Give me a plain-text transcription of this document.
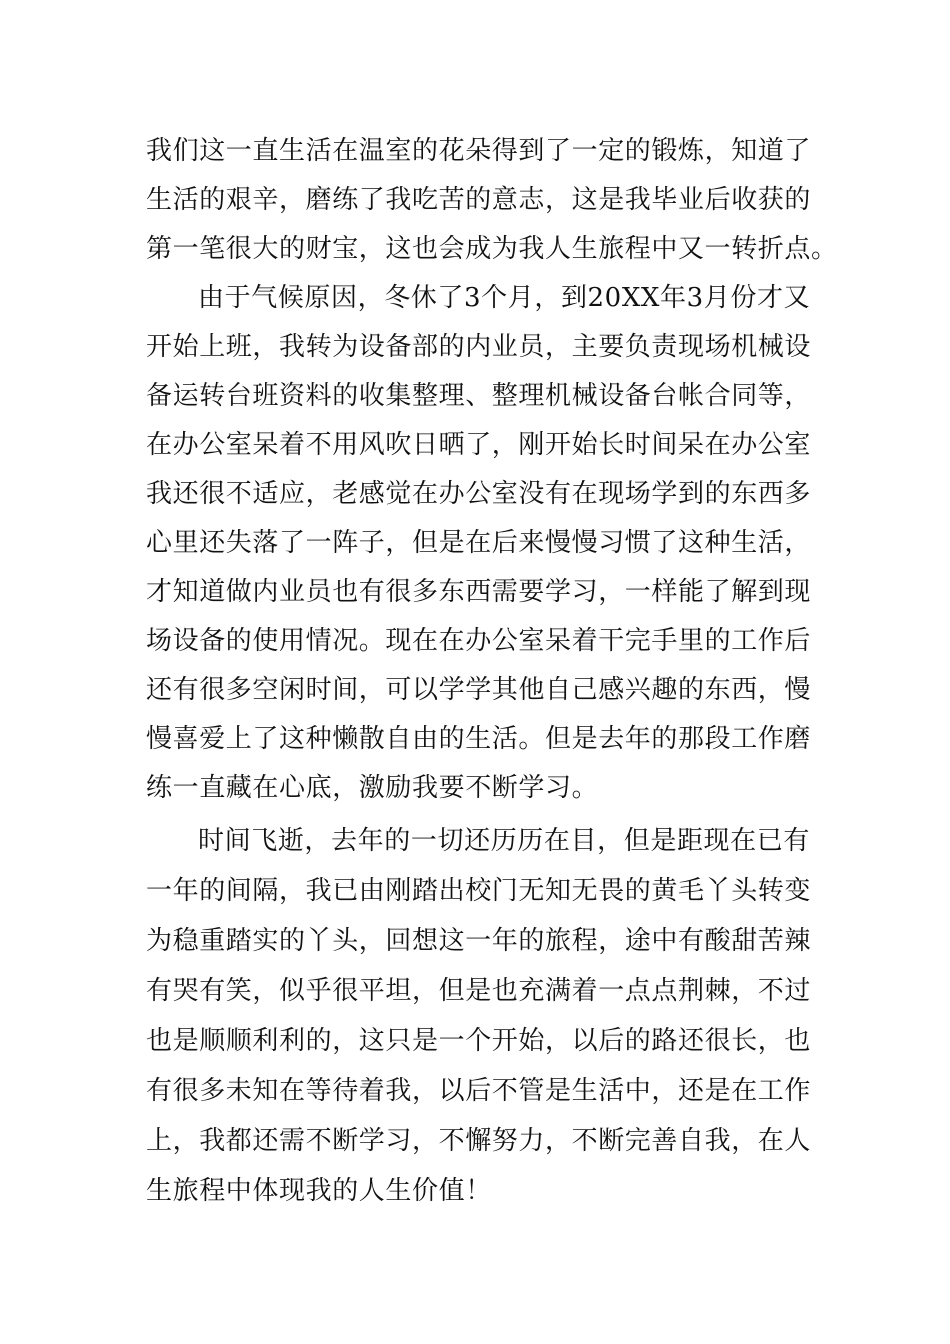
我们这一直生活在温室的花朵得到了一定的锻炼，知道了
生活的艰辛，磨练了我吃苦的意志，这是我毕业后收获的
第一笔很大的财宝，这也会成为我人生旅程中又一转折点。
由于气候原因，冬休了3个月，到20XX年3月份才又
开始上班，我转为设备部的内业员，主要负责现场机械设
备运转台班资料的收集整理、整理机械设备台帐合同等，
在办公室呆着不用风吹日晒了，刚开始长时间呆在办公室
我还很不适应，老感觉在办公室没有在现场学到的东西多
心里还失落了一阵子，但是在后来慢慢习惯了这种生活，
才知道做内业员也有很多东西需要学习，一样能了解到现
场设备的使用情况。现在在办公室呆着干完手里的工作后
还有很多空闲时间，可以学学其他自己感兴趣的东西，慢
慢喜爱上了这种懒散自由的生活。但是去年的那段工作磨
练一直藏在心底，激励我要不断学习。
时间飞逝，去年的一切还历历在目，但是距现在已有
一年的间隔，我已由刚踏出校门无知无畏的黄毛丫头转变
为稳重踏实的丫头，回想这一年的旅程，途中有酸甜苦辣
有哭有笑，似乎很平坦，但是也充满着一点点荆棘，不过
也是顺顺利利的，这只是一个开始，以后的路还很长，也
有很多未知在等待着我，以后不管是生活中，还是在工作
上，我都还需不断学习，不懈努力，不断完善自我，在人
生旅程中体现我的人生价值！
